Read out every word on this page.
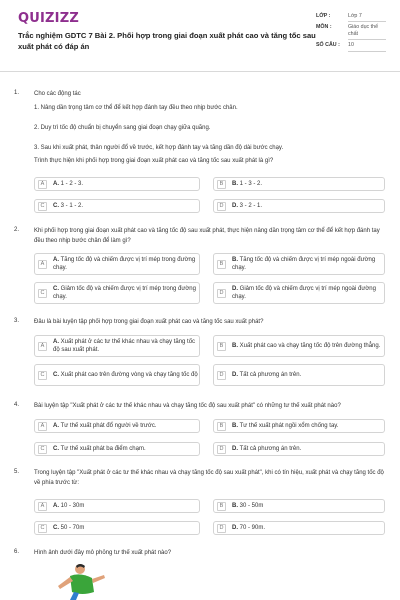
QUIZIZZ
Trắc nghiệm GDTC 7 Bài 2. Phối hợp trong giai đoạn xuất phát cao và tăng tốc sau xuất phát có đáp án
LỚP :	Lớp 7
MÔN :	Giáo dục thể chất
SỐ CÂU :	10
1. Cho các động tác
1. Nâng dần trọng tâm cơ thể để kết hợp đánh tay đều theo nhịp bước chân.
2. Duy trì tốc độ chuẩn bị chuyển sang giai đoạn chạy giữa quãng.
3. Sau khi xuất phát, thân người đổ về trước, kết hợp đánh tay và tăng dần độ dài bước chạy.
Trình thực hiện khi phối hợp trong giai đoạn xuất phát cao và tăng tốc sau xuất phát là gì?
A	A. 1 - 2 - 3.	B	B. 1 - 3 - 2.
C	C. 3 - 1 - 2.	D	D. 3 - 2 - 1.
2. Khi phối hợp trong giai đoạn xuất phát cao và tăng tốc độ sau xuất phát, thực hiện nâng dần trọng tâm cơ thể để kết hợp đánh tay đều theo nhịp bước chân để làm gì?
A
A. Tăng tốc độ và chiếm được vị trí mép trong đường chạy.
B
B. Tăng tốc độ và chiếm được vị trí mép ngoài đường chạy.
C
C. Giảm tốc độ và chiếm được vị trí mép trong đường chạy.
D
D. Giảm tốc độ và chiếm được vị trí mép ngoài đường chạy.
3. Đâu là bài luyện tập phối hợp trong giai đoạn xuất phát cao và tăng tốc sau xuất phát?
A
A. Xuất phát ở các tư thế khác nhau và chạy tăng tốc độ sau xuất phát.
B	B. Xuất phát cao và chạy tăng tốc độ trên đường thẳng.
C	C. Xuất phát cao trên đường vòng và chạy tăng tốc độ	D	D. Tất cả phương án trên.
4. Bài luyện tập "Xuất phát ở các tư thế khác nhau và chạy tăng tốc độ sau xuất phát" có những tư thế xuất phát nào?
A	A. Tư thế xuất phát đổ người về trước.	B	B. Tư thế xuất phát ngồi xổm chống tay.
C	C. Tư thế xuất phát ba điểm chạm.	D	D. Tất cả phương án trên.
5. Trong luyện tập "Xuất phát ở các tư thế khác nhau và chạy tăng tốc độ sau xuất phát", khi có tín hiệu, xuất phát và chạy tăng tốc độ về phía trước từ:
A	A. 10 - 30m	B	B. 30 - 50m
C	C. 50 - 70m	D	D. 70 - 90m.
6. Hình ảnh dưới đây mô phỏng tư thế xuất phát nào?
